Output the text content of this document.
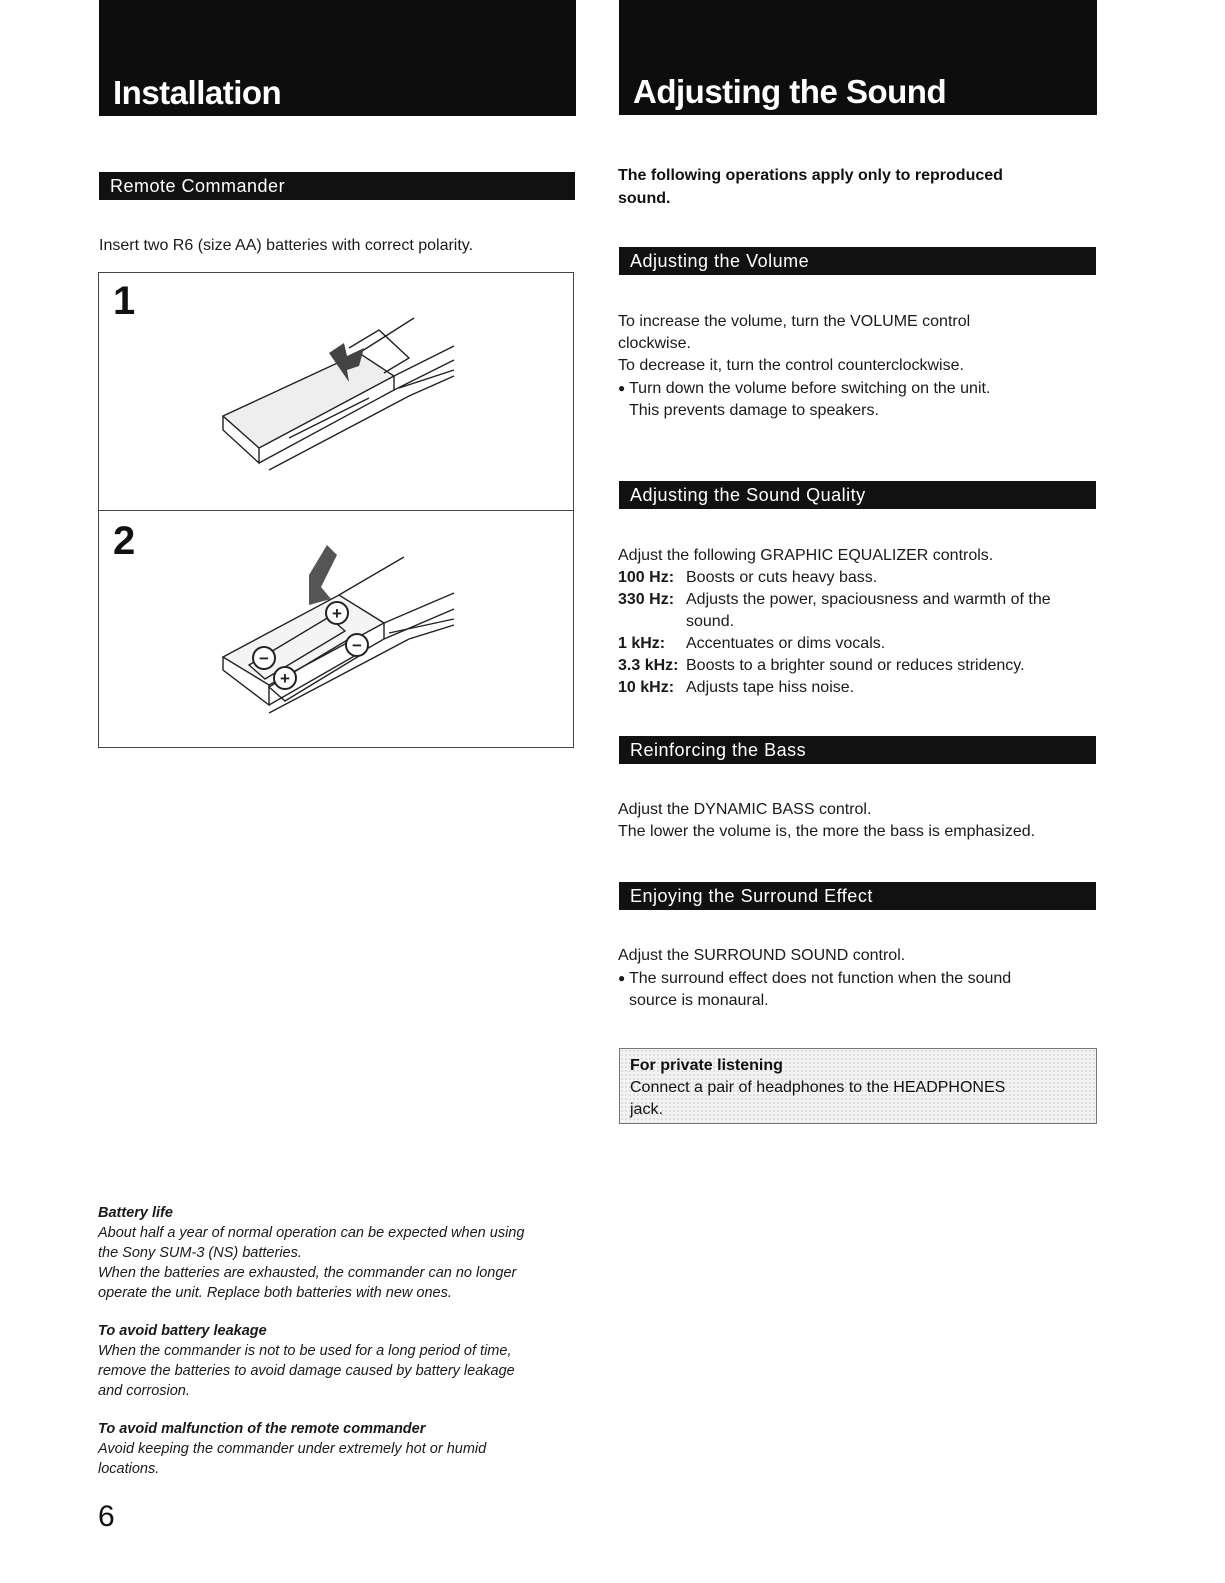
Installation
Remote Commander
Insert two R6 (size AA) batteries with correct polarity.
1
2
+
−
−
+

Battery life

About half a year of normal operation can be expected when using

the Sony SUM-3 (NS) batteries.

When the batteries are exhausted, the commander can no longer

operate the unit. Replace both batteries with new ones.

To avoid battery leakage

When the commander is not to be used for a long period of time,

remove the batteries to avoid damage caused by battery leakage

and corrosion.

To avoid malfunction of the remote commander

Avoid keeping the commander under extremely hot or humid

locations.

6
Adjusting the Sound

The following operations apply only to reproduced

sound.

Adjusting the Volume

To increase the volume, turn the VOLUME control

clockwise.

To decrease it, turn the control counterclockwise.

● Turn down the volume before switching on the unit.

This prevents damage to speakers.

Adjusting the Sound Quality

Adjust the following GRAPHIC EQUALIZER controls.

100 Hz: Boosts or cuts heavy bass.
330 Hz: Adjusts the power, spaciousness and warmth of the sound.
1 kHz:	Accentuates or dims vocals.
3.3 kHz: Boosts to a brighter sound or reduces stridency.
10 kHz: Adjusts tape hiss noise.
Reinforcing the Bass

Adjust the DYNAMIC BASS control.

The lower the volume is, the more the bass is emphasized.

Enjoying the Surround Effect

Adjust the SURROUND SOUND control.

● The surround effect does not function when the sound

source is monaural.

For private listening
Connect a pair of headphones to the HEADPHONES
jack.
